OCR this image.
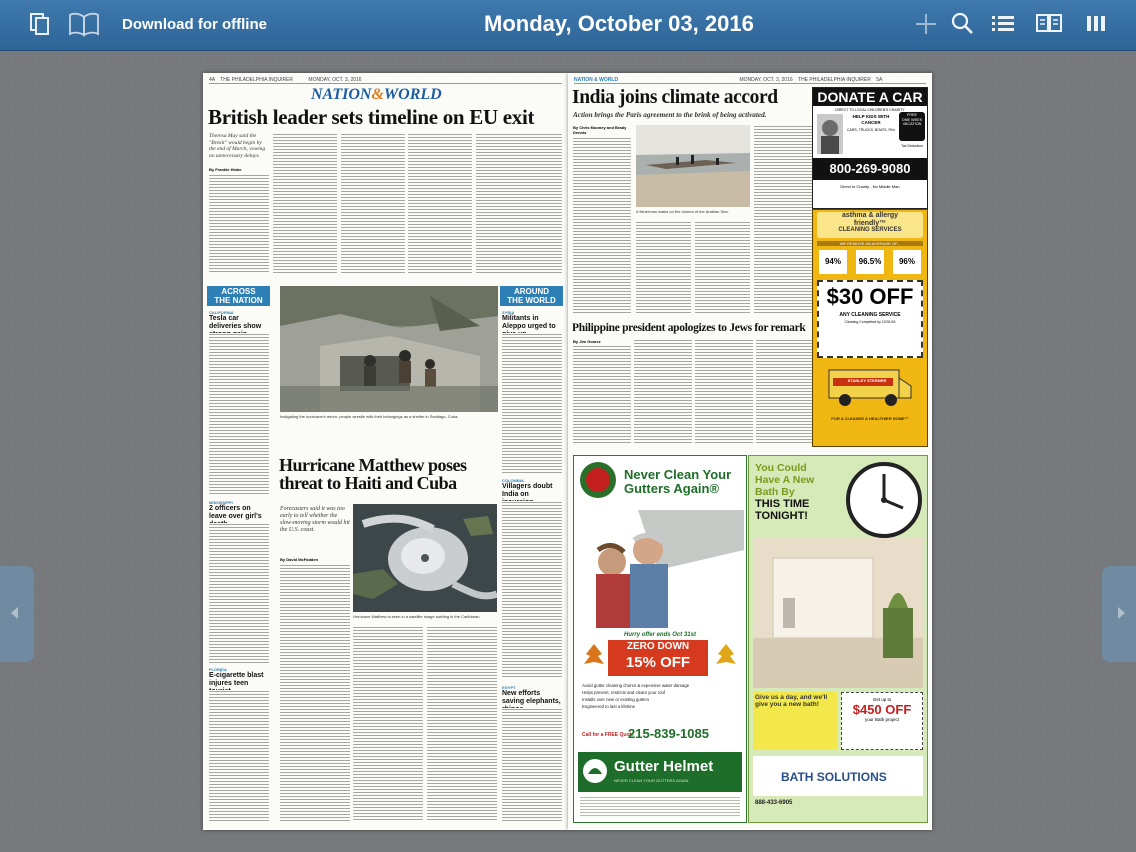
Download for offline	Monday, October 03, 2016
4A THE PHILADELPHIA INQUIRER	MONDAY, OCT. 3, 2016
NATION&WORLD
British leader sets timeline on EU exit
Theresa May said the "Brexit" would begin by the end of March, vowing no unnecessary delays.
By Frankie Hinke
ACROSS
THE NATION
CALIFORNIA
Tesla car deliveries show
MISSISSIPPI
2 officers on leave over girl's
FLORIDA
E-cigarette blast injures teen
Instigating the hurricane's return: people wrestle with their belongings as a shelter in Santiago, Cuba.
Hurricane Matthew poses threat to Haiti and Cuba
Forecasters said it was too early to tell whether the slow-moving storm would hit the U.S. coast.
By David McFadden
Hurricane Matthew is seen in a satellite image swirling in the Caribbean.
AROUND
THE WORLD
SYRIA
Militants in Aleppo urged to
COLOMBIA
Villagers doubt India on
EGYPT
New efforts saving elephants,
NATION & WORLD	MONDAY, OCT. 3, 2016 THE PHILADELPHIA INQUIRER 5A
India joins climate accord
Action brings the Paris agreement to the brink of being activated.
By Chris Mooney and Brady Dennis
A fisherman walks on the shores of the Arabian Sea.
Philippine president apologizes to Jews for remark
By Jim Gomez
DONATE A CAR
DIRECT TO LOCAL CHILDREN'S CHARITY
HELP KIDS WITH CANCER
CARS, TRUCKS, BOATS, RVs
FREE
ONE WEEK
VACATION
Tax Deduction
800-269-9080
Direct to Charity - No Middle Man
asthma & allergy
friendly™
CLEANING SERVICES
WE REMOVE AN AVERAGE OF...
94%	96.5%	96%
$30 OFF
ANY CLEANING SERVICE
Cleaning Completed by 10/31/16
STANLEY STEEMER
FOR A CLEANER & HEALTHIER HOME™
Never Clean Your Gutters Again®
Hurry offer ends Oct 31st
ZERO DOWN
15% OFF
Avoid gutter cleaning chores & expensive water damage
Helps prevent, restricts and clears your roof
Installs over new or existing gutters
Engineered to last a lifetime
Call for a FREE Quote
215-839-1085
Gutter Helmet
NEVER CLEAN YOUR GUTTERS AGAIN
You Could
Have A New
Bath By
THIS TIME
TONIGHT!
Give us a day, and we'll give you a new bath!
Get up to
$450 OFF
your Bath project
BATH SOLUTIONS
888-433-6905
